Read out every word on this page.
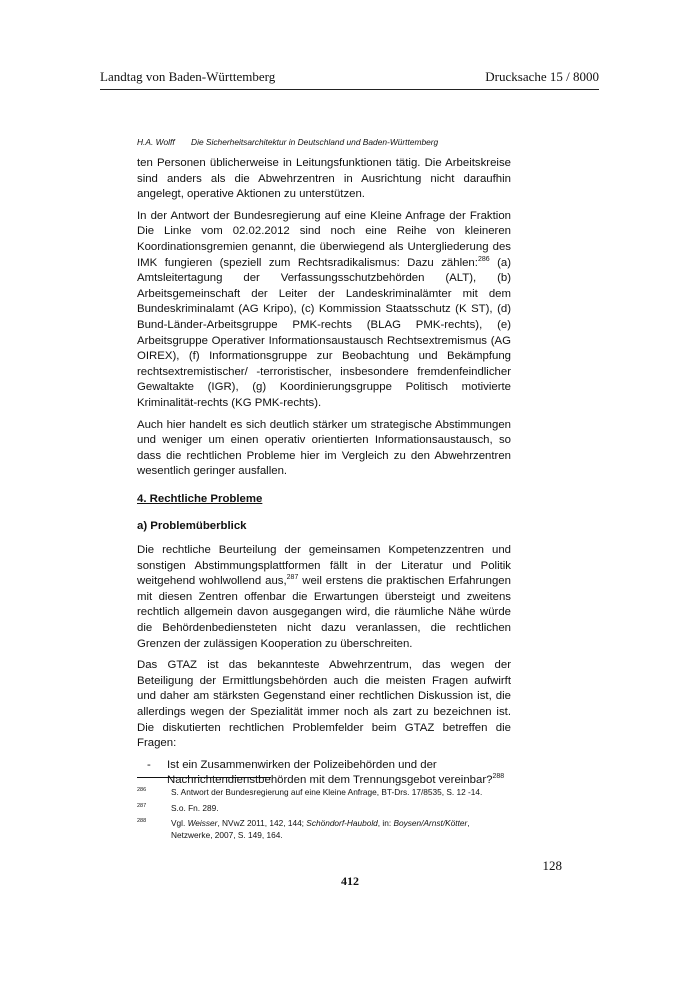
Landtag von Baden-Württemberg	Drucksache 15 / 8000
H.A. Wolff Die Sicherheitsarchitektur in Deutschland und Baden-Württemberg

ten Personen üblicherweise in Leitungsfunktionen tätig. Die Arbeitskreise sind anders als die Abwehrzentren in Ausrichtung nicht daraufhin angelegt, operative Aktionen zu unterstützen.

In der Antwort der Bundesregierung auf eine Kleine Anfrage der Fraktion Die Linke vom 02.02.2012 sind noch eine Reihe von kleineren Koordinationsgremien genannt, die überwiegend als Untergliederung des IMK fungieren (speziell zum Rechtsradikalismus: Dazu zählen:$^{286}$ (a) Amtsleitertagung der Verfassungsschutzbehörden (ALT), (b) Arbeitsgemeinschaft der Leiter der Landeskriminalämter mit dem Bundeskriminalamt (AG Kripo), (c) Kommission Staatsschutz (K ST), (d) Bund-Länder-Arbeitsgruppe PMK-rechts (BLAG PMK-rechts), (e) Arbeitsgruppe Operativer Informationsaustausch Rechtsextremismus (AG OIREX), (f) Informationsgruppe zur Beobachtung und Bekämpfung rechtsextremistischer/ -terroristischer, insbesondere fremdenfeindlicher Gewaltakte (IGR), (g) Koordinierungsgruppe Politisch motivierte Kriminalität-rechts (KG PMK-rechts).

Auch hier handelt es sich deutlich stärker um strategische Abstimmungen und weniger um einen operativ orientierten Informationsaustausch, so dass die rechtlichen Probleme hier im Vergleich zu den Abwehrzentren wesentlich geringer ausfallen.

4. Rechtliche Probleme
a) Problemüberblick

Die rechtliche Beurteilung der gemeinsamen Kompetenzzentren und sonstigen Abstimmungsplattformen fällt in der Literatur und Politik weitgehend wohlwollend aus,$^{287}$ weil erstens die praktischen Erfahrungen mit diesen Zentren offenbar die Erwartungen übersteigt und zweitens rechtlich allgemein davon ausgegangen wird, die räumliche Nähe würde die Behördenbediensteten nicht dazu veranlassen, die rechtlichen Grenzen der zulässigen Kooperation zu überschreiten.

Das GTAZ ist das bekannteste Abwehrzentrum, das wegen der Beteiligung der Ermittlungsbehörden auch die meisten Fragen aufwirft und daher am stärksten Gegenstand einer rechtlichen Diskussion ist, die allerdings wegen der Spezialität immer noch als zart zu bezeichnen ist. Die diskutierten rechtlichen Problemfelder beim GTAZ betreffen die Fragen:

- Ist ein Zusammenwirken der Polizeibehörden und der Nachrichtendienstbehörden mit dem Trennungsgebot vereinbar?$^{288}$
286	S. Antwort der Bundesregierung auf eine Kleine Anfrage, BT-Drs. 17/8535, S. 12 -14.
287	S.o. Fn. 289.
288	Vgl. Weisser, NVwZ 2011, 142, 144; Schöndorf-Haubold, in: Boysen/Arnst/Kötter, Netzwerke, 2007, S. 149, 164.
128
412
